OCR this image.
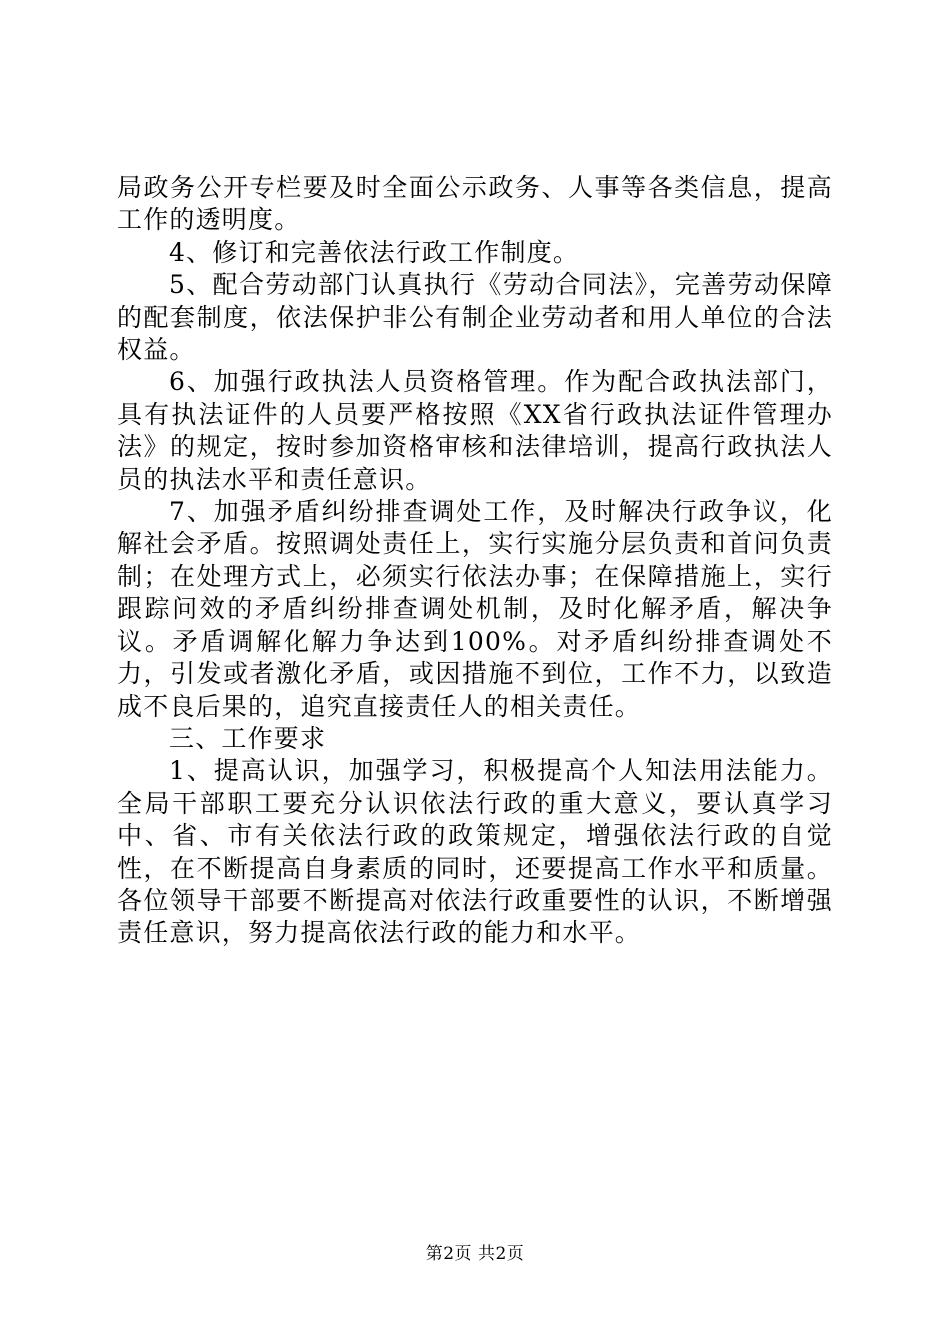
局政务公开专栏要及时全面公示政务、人事等各类信息，提高工作的透明度。

4、修订和完善依法行政工作制度。

5、配合劳动部门认真执行《劳动合同法》，完善劳动保障的配套制度，依法保护非公有制企业劳动者和用人单位的合法权益。

6、加强行政执法人员资格管理。作为配合政执法部门，具有执法证件的人员要严格按照《XX省行政执法证件管理办法》的规定，按时参加资格审核和法律培训，提高行政执法人员的执法水平和责任意识。

7、加强矛盾纠纷排查调处工作，及时解决行政争议，化解社会矛盾。按照调处责任上，实行实施分层负责和首问负责制；在处理方式上，必须实行依法办事；在保障措施上，实行跟踪问效的矛盾纠纷排查调处机制，及时化解矛盾，解决争议。矛盾调解化解力争达到100%。对矛盾纠纷排查调处不力，引发或者激化矛盾，或因措施不到位，工作不力，以致造成不良后果的，追究直接责任人的相关责任。

三、工作要求

1、提高认识，加强学习，积极提高个人知法用法能力。全局干部职工要充分认识依法行政的重大意义，要认真学习中、省、市有关依法行政的政策规定，增强依法行政的自觉性，在不断提高自身素质的同时，还要提高工作水平和质量。各位领导干部要不断提高对依法行政重要性的认识，不断增强责任意识，努力提高依法行政的能力和水平。

第2页 共2页
